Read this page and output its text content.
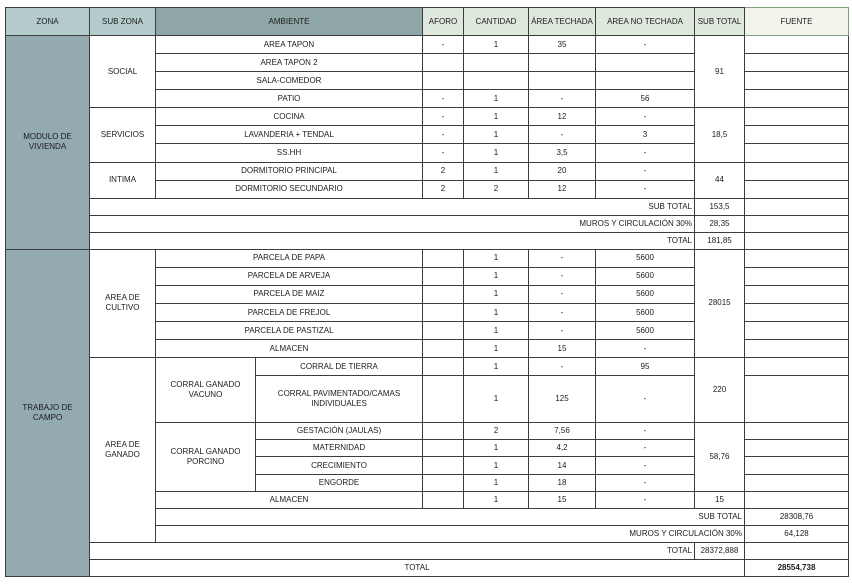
ZONA	SUB ZONA	AMBIENTE		AFORO	CANTIDAD	ÁREA TECHADA	AREA NO TECHADA	SUB TOTAL	FUENTE	
MODULO DE VIVIENDA	SOCIAL	AREA TAPON		-	1	35	-	91		
		AREA TAPON 2								
		SALA-COMEDOR								
		PATIO		-	1	-	56			
	SERVICIOS	COCINA		-	1	12	-	18,5		
		LAVANDERIA + TENDAL		-	1	-	3			
		SS.HH		-	1	3,5	-			
	INTIMA	DORMITORIO PRINCIPAL		2	1	20	-	44		
		DORMITORIO SECUNDARIO		2	2	12	-			
	SUB TOTAL							153,5		
	MUROS Y CIRCULACIÓN 30%							28,35		
	TOTAL							181,85		
TRABAJO DE CAMPO	AREA DE CULTIVO	PARCELA DE PAPA			1	-	5600	28015		
		PARCELA DE ARVEJA			1	-	5600			
		PARCELA DE MAIZ			1	-	5600			
		PARCELA DE FREJOL			1	-	5600			
		PARCELA DE PASTIZAL			1	-	5600			
		ALMACEN			1	15	-			
	AREA DE GANADO	CORRAL GANADO VACUNO	CORRAL DE TIERRA		1	-	95	220		
			CORRAL PAVIMENTADO/CAMAS INDIVIDUALES		1	125	-			
		CORRAL GANADO PORCINO	GESTACIÓN (JAULAS)		2	7,56	-	58,76		
			MATERNIDAD		1	4,2	-			
			CRECIMIENTO		1	14	-			
			ENGORDE		1	18	-			
		ALMACEN			1	15	-	15		
		SUB TOTAL							28308,76	
		MUROS Y CIRCULACIÓN 30%							64,128	
	TOTAL							28372,888		
	TOTAL								28554,738	
